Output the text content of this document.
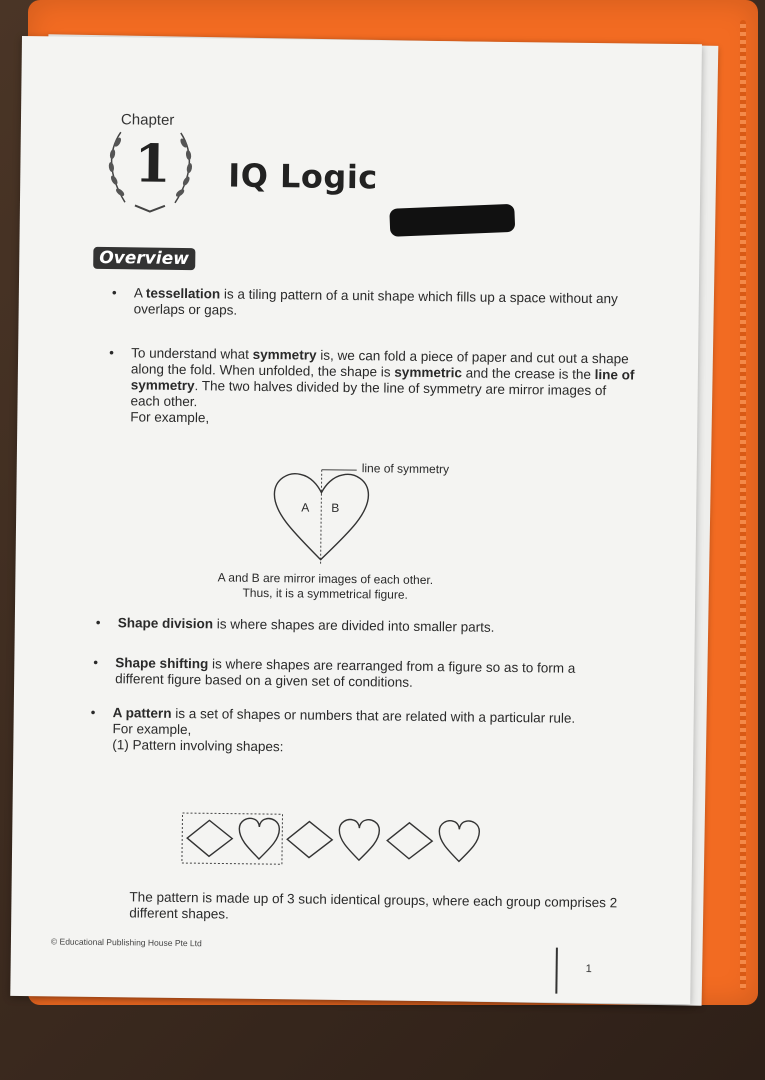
Chapter
1 IQ Logic
Overview
• A tessellation is a tiling pattern of a unit shape which fills up a space without any overlaps or gaps.
• To understand what symmetry is, we can fold a piece of paper and cut out a shape along the fold. When unfolded, the shape is symmetric and the crease is the line of symmetry. The two halves divided by the line of symmetry are mirror images of each other.
For example,
line of symmetry
A B
A and B are mirror images of each other.
Thus, it is a symmetrical figure.
• Shape division is where shapes are divided into smaller parts.
• Shape shifting is where shapes are rearranged from a figure so as to form a different figure based on a given set of conditions.
• A pattern is a set of shapes or numbers that are related with a particular rule.
For example,
(1) Pattern involving shapes:
The pattern is made up of 3 such identical groups, where each group comprises 2 different shapes.
© Educational Publishing House Pte Ltd
1
